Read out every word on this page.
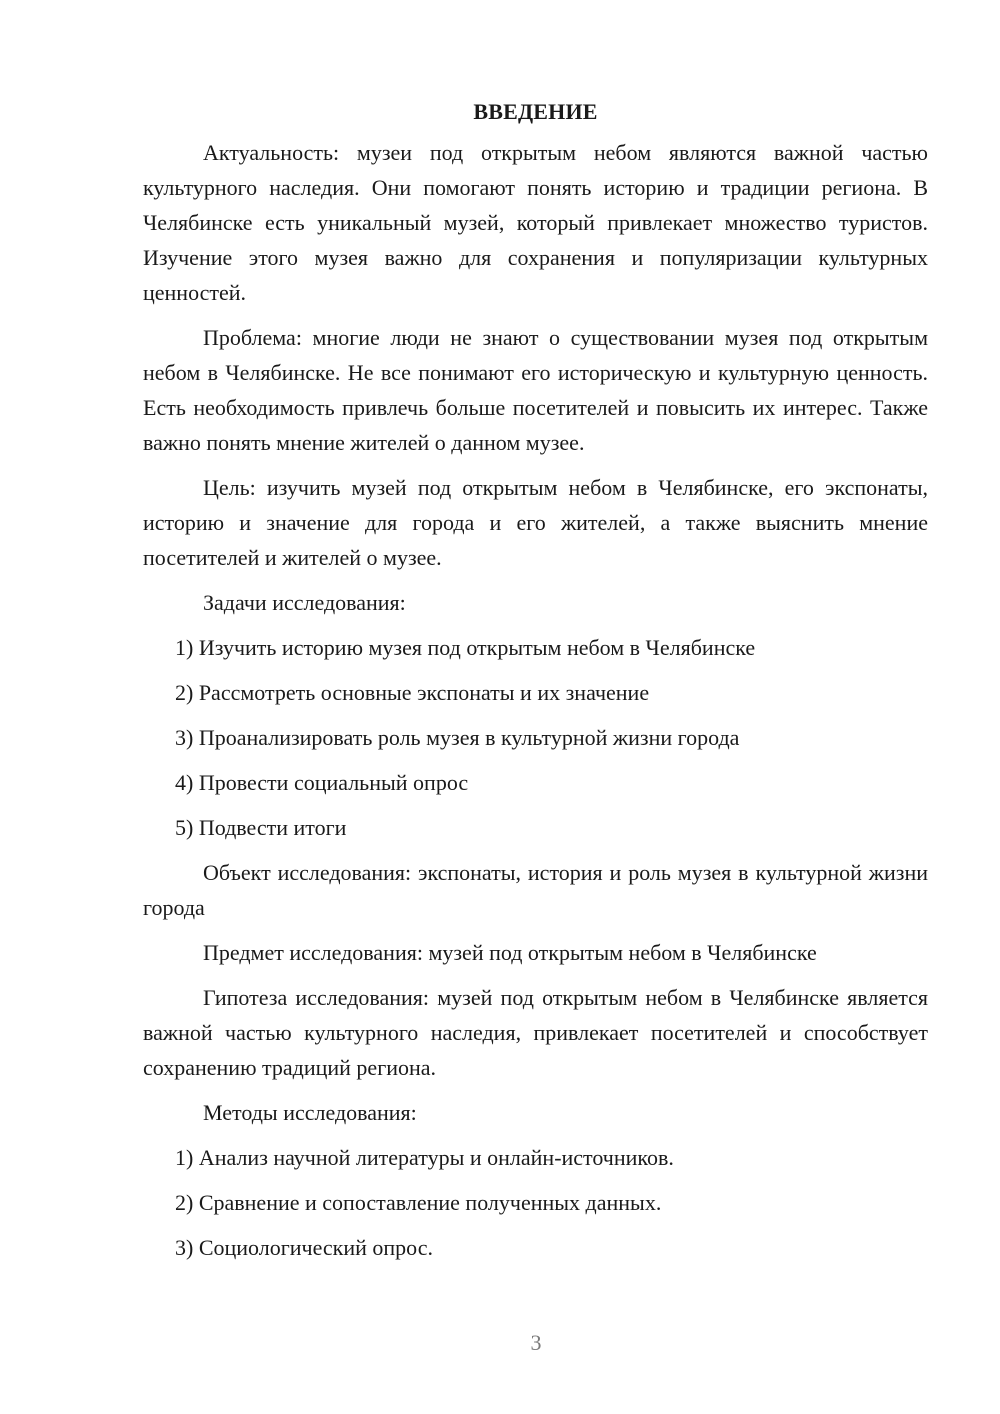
ВВЕДЕНИЕ

Актуальность: музеи под открытым небом являются важной частью культурного наследия. Они помогают понять историю и традиции региона. В Челябинске есть уникальный музей, который привлекает множество туристов. Изучение этого музея важно для сохранения и популяризации культурных ценностей.

Проблема: многие люди не знают о существовании музея под открытым небом в Челябинске. Не все понимают его историческую и культурную ценность. Есть необходимость привлечь больше посетителей и повысить их интерес. Также важно понять мнение жителей о данном музее.

Цель: изучить музей под открытым небом в Челябинске, его экспонаты, историю и значение для города и его жителей, а также выяснить мнение посетителей и жителей о музее.

Задачи исследования:

1) Изучить историю музея под открытым небом в Челябинске

2) Рассмотреть основные экспонаты и их значение

3) Проанализировать роль музея в культурной жизни города

4) Провести социальный опрос

5) Подвести итоги

Объект исследования: экспонаты, история и роль музея в культурной жизни города

Предмет исследования: музей под открытым небом в Челябинске

Гипотеза исследования: музей под открытым небом в Челябинске является важной частью культурного наследия, привлекает посетителей и способствует сохранению традиций региона.

Методы исследования:

1) Анализ научной литературы и онлайн-источников.

2) Сравнение и сопоставление полученных данных.

3) Социологический опрос.

3
